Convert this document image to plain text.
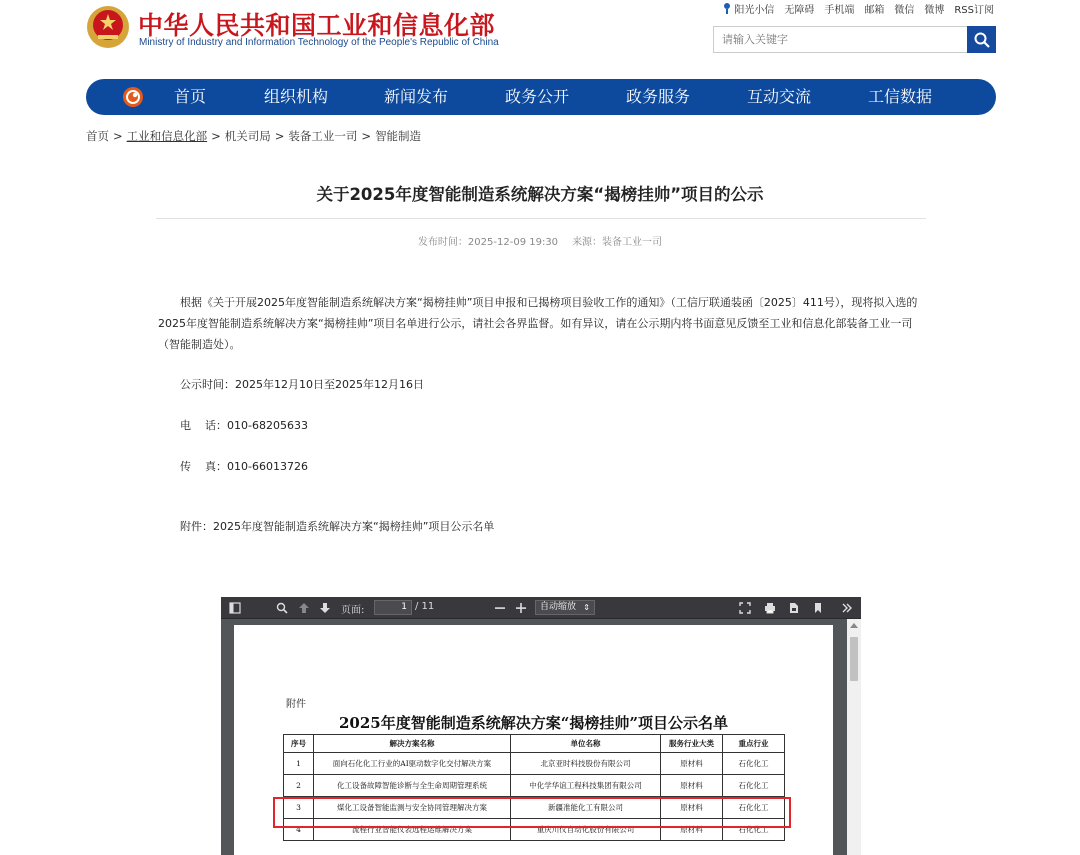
中华人民共和国工业和信息化部
Ministry of Industry and Information Technology of the People's Republic of China
阳光小信 无障碍 手机端 邮箱 微信 微博 RSS订阅
请输入关键字
首页	组织机构	新闻发布	政务公开	政务服务	互动交流	工信数据
首页 > 工业和信息化部 > 机关司局 > 装备工业一司 > 智能制造
关于2025年度智能制造系统解决方案“揭榜挂帅”项目的公示
发布时间：2025-12-09 19:30 来源：装备工业一司
根据《关于开展2025年度智能制造系统解决方案“揭榜挂帅”项目申报和已揭榜项目验收工作的通知》（工信厅联通装函〔2025〕411号），现将拟入选的2025年度智能制造系统解决方案“揭榜挂帅”项目名单进行公示，请社会各界监督。如有异议，请在公示期内将书面意见反馈至工业和信息化部装备工业一司（智能制造处）。
公示时间：2025年12月10日至2025年12月16日
电    话：010-68205633
传    真：010-66013726
附件：2025年度智能制造系统解决方案“揭榜挂帅”项目公示名单
页面:	1 / 11	自动缩放 ⇕
附件
2025年度智能制造系统解决方案“揭榜挂帅”项目公示名单
序号	解决方案名称	单位名称	服务行业大类	重点行业
1	面向石化化工行业的AI驱动数字化交付解决方案	北京亚时科技股份有限公司	原材料	石化化工
2	化工设备故障智能诊断与全生命周期管理系统	中化学华谊工程科技集团有限公司	原材料	石化化工
3	煤化工设备智能监测与安全协同管理解决方案	新疆准能化工有限公司	原材料	石化化工
4	流程行业智能仪表远程运维解决方案	重庆川仪自动化股份有限公司	原材料	石化化工
